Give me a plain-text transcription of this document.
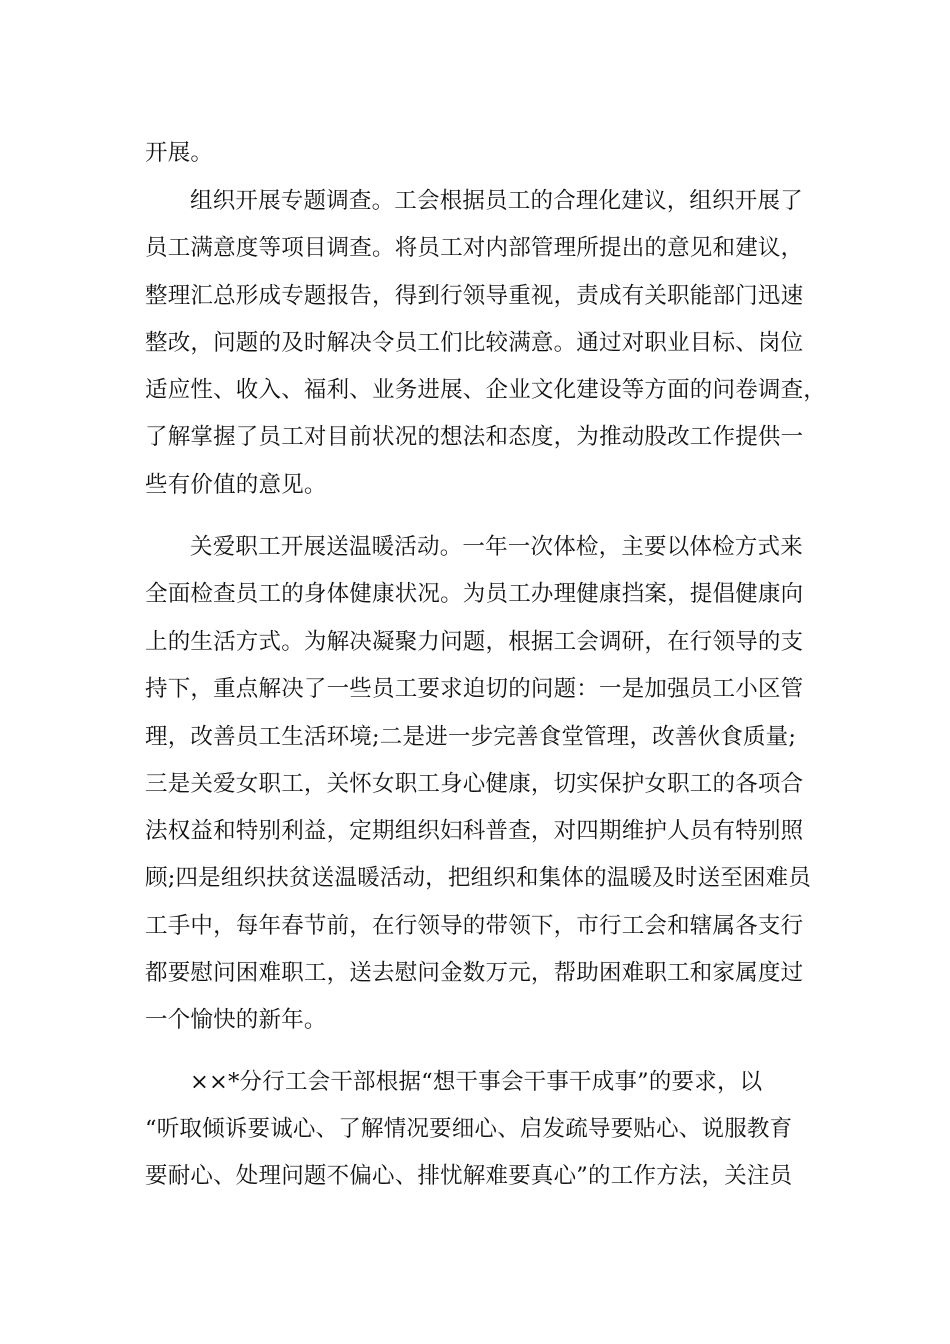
开展。
组织开展专题调查。工会根据员工的合理化建议，组织开展了
员工满意度等项目调查。将员工对内部管理所提出的意见和建议，
整理汇总形成专题报告，得到行领导重视，责成有关职能部门迅速
整改，问题的及时解决令员工们比较满意。通过对职业目标、岗位
适应性、收入、福利、业务进展、企业文化建设等方面的问卷调查，
了解掌握了员工对目前状况的想法和态度，为推动股改工作提供一
些有价值的意见。
关爱职工开展送温暖活动。一年一次体检，主要以体检方式来
全面检查员工的身体健康状况。为员工办理健康挡案，提倡健康向
上的生活方式。为解决凝聚力问题，根据工会调研，在行领导的支
持下，重点解决了一些员工要求迫切的问题：一是加强员工小区管
理，改善员工生活环境;二是进一步完善食堂管理，改善伙食质量;
三是关爱女职工，关怀女职工身心健康，切实保护女职工的各项合
法权益和特别利益，定期组织妇科普查，对四期维护人员有特别照
顾;四是组织扶贫送温暖活动，把组织和集体的温暖及时送至困难员
工手中，每年春节前，在行领导的带领下，市行工会和辖属各支行
都要慰问困难职工，送去慰问金数万元，帮助困难职工和家属度过
一个愉快的新年。
××*分行工会干部根据“想干事会干事干成事”的要求，以
“听取倾诉要诚心、了解情况要细心、启发疏导要贴心、说服教育
要耐心、处理问题不偏心、排忧解难要真心”的工作方法，关注员
